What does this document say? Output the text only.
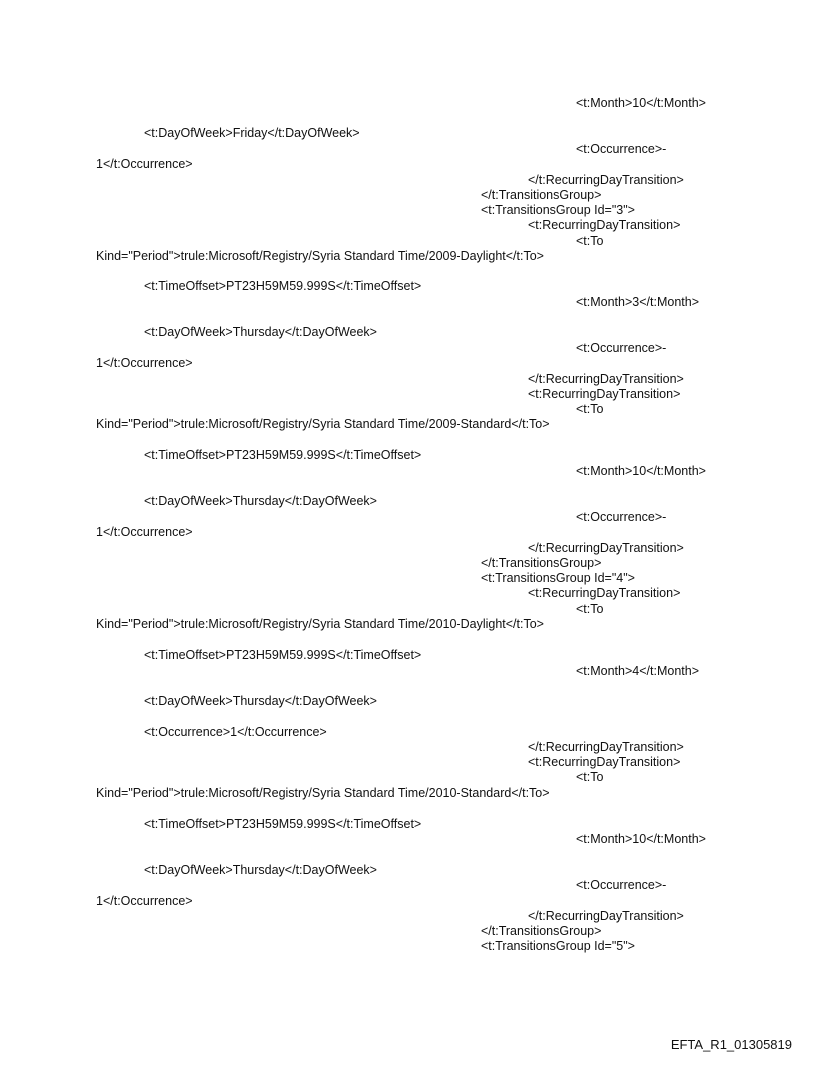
<t:Month>10</t:Month>
<t:DayOfWeek>Friday</t:DayOfWeek>
<t:Occurrence>-
1</t:Occurrence>
</t:RecurringDayTransition>
</t:TransitionsGroup>
<t:TransitionsGroup Id="3">
<t:RecurringDayTransition>
<t:To
Kind="Period">trule:Microsoft/Registry/Syria Standard Time/2009-Daylight</t:To>
<t:TimeOffset>PT23H59M59.999S</t:TimeOffset>
<t:Month>3</t:Month>
<t:DayOfWeek>Thursday</t:DayOfWeek>
<t:Occurrence>-
1</t:Occurrence>
</t:RecurringDayTransition>
<t:RecurringDayTransition>
<t:To
Kind="Period">trule:Microsoft/Registry/Syria Standard Time/2009-Standard</t:To>
<t:TimeOffset>PT23H59M59.999S</t:TimeOffset>
<t:Month>10</t:Month>
<t:DayOfWeek>Thursday</t:DayOfWeek>
<t:Occurrence>-
1</t:Occurrence>
</t:RecurringDayTransition>
</t:TransitionsGroup>
<t:TransitionsGroup Id="4">
<t:RecurringDayTransition>
<t:To
Kind="Period">trule:Microsoft/Registry/Syria Standard Time/2010-Daylight</t:To>
<t:TimeOffset>PT23H59M59.999S</t:TimeOffset>
<t:Month>4</t:Month>
<t:DayOfWeek>Thursday</t:DayOfWeek>
<t:Occurrence>1</t:Occurrence>
</t:RecurringDayTransition>
<t:RecurringDayTransition>
<t:To
Kind="Period">trule:Microsoft/Registry/Syria Standard Time/2010-Standard</t:To>
<t:TimeOffset>PT23H59M59.999S</t:TimeOffset>
<t:Month>10</t:Month>
<t:DayOfWeek>Thursday</t:DayOfWeek>
<t:Occurrence>-
1</t:Occurrence>
</t:RecurringDayTransition>
</t:TransitionsGroup>
<t:TransitionsGroup Id="5">
EFTA_R1_01305819
